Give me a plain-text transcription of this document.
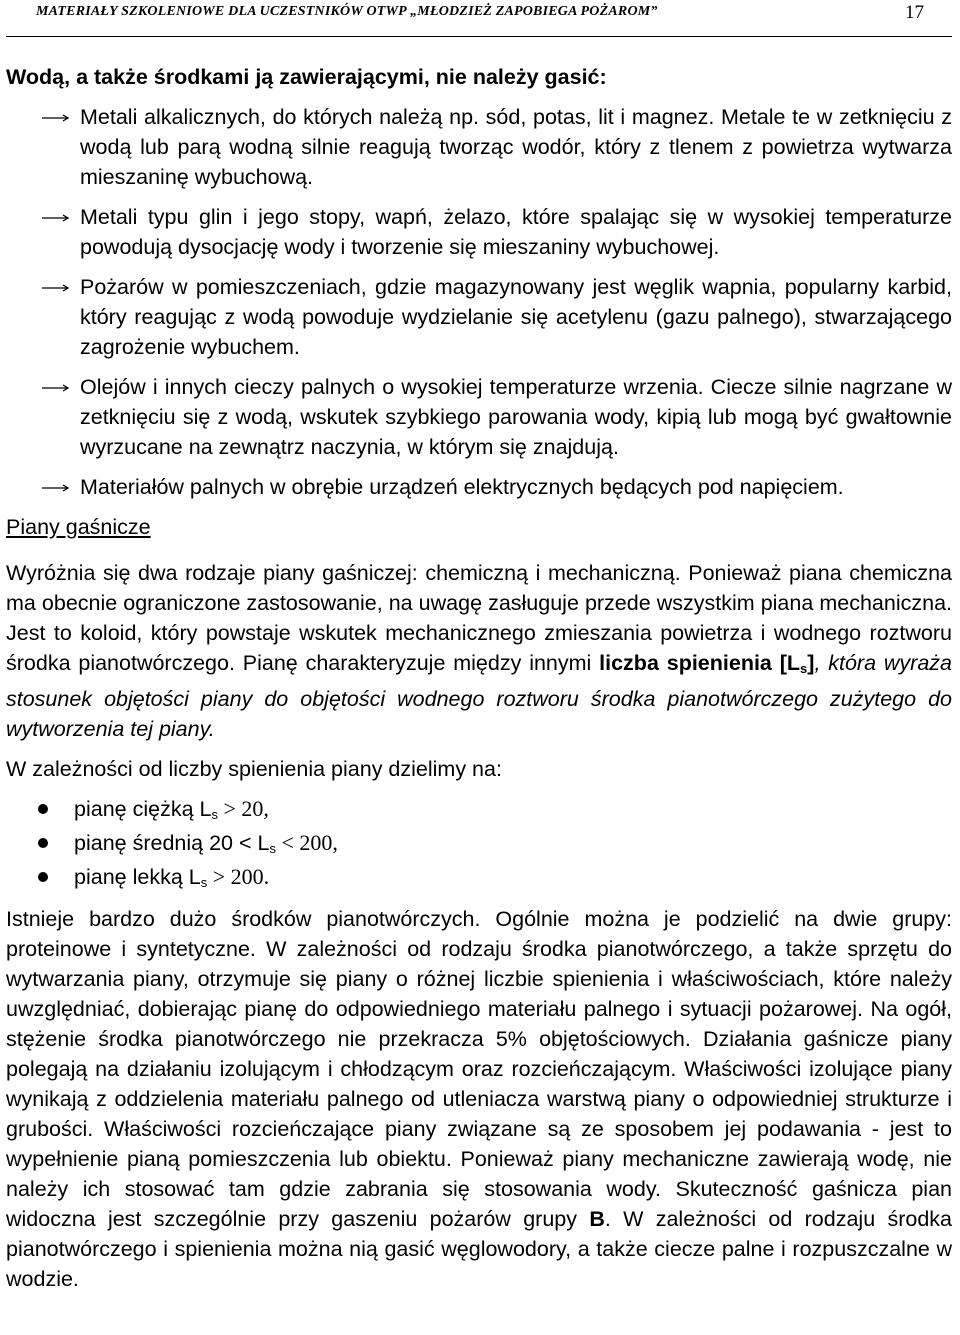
MATERIAŁY SZKOLENIOWE DLA UCZESTNIKÓW OTWP „MŁODZIEŻ ZAPOBIEGA POŻAROM”	17

Wodą, a także środkami ją zawierającymi, nie należy gasić:

Metali alkalicznych, do których należą np. sód, potas, lit i magnez. Metale te w zetknięciu z wodą lub parą wodną silnie reagują tworząc wodór, który z tlenem z powietrza wytwarza mieszaninę wybuchową.
Metali typu glin i jego stopy, wapń, żelazo, które spalając się w wysokiej temperaturze powodują dysocjację wody i tworzenie się mieszaniny wybuchowej.
Pożarów w pomieszczeniach, gdzie magazynowany jest węglik wapnia, popularny karbid, który reagując z wodą powoduje wydzielanie się acetylenu (gazu palnego), stwarzającego zagrożenie wybuchem.
Olejów i innych cieczy palnych o wysokiej temperaturze wrzenia. Ciecze silnie nagrzane w zetknięciu się z wodą, wskutek szybkiego parowania wody, kipią lub mogą być gwałtownie wyrzucane na zewnątrz naczynia, w którym się znajdują.
Materiałów palnych w obrębie urządzeń elektrycznych będących pod napięciem.

Piany gaśnicze

Wyróżnia się dwa rodzaje piany gaśniczej: chemiczną i mechaniczną. Ponieważ piana chemiczna ma obecnie ograniczone zastosowanie, na uwagę zasługuje przede wszystkim piana mechaniczna. Jest to koloid, który powstaje wskutek mechanicznego zmieszania powietrza i wodnego roztworu środka pianotwórczego. Pianę charakteryzuje między innymi liczba spienienia $[L_s]$, która wyraża stosunek objętości piany do objętości wodnego roztworu środka pianotwórczego zużytego do wytworzenia tej piany.

W zależności od liczby spienienia piany dzielimy na:

pianę ciężką $L_s > 20$,
pianę średnią $20 < L_s < 200$,
pianę lekką $L_s > 200$.

Istnieje bardzo dużo środków pianotwórczych. Ogólnie można je podzielić na dwie grupy: proteinowe i syntetyczne. W zależności od rodzaju środka pianotwórczego, a także sprzętu do wytwarzania piany, otrzymuje się piany o różnej liczbie spienienia i właściwościach, które należy uwzględniać, dobierając pianę do odpowiedniego materiału palnego i sytuacji pożarowej. Na ogół, stężenie środka pianotwórczego nie przekracza 5% objętościowych. Działania gaśnicze piany polegają na działaniu izolującym i chłodzącym oraz rozcieńczającym. Właściwości izolujące piany wynikają z oddzielenia materiału palnego od utleniacza warstwą piany o odpowiedniej strukturze i grubości. Właściwości rozcieńczające piany związane są ze sposobem jej podawania - jest to wypełnienie pianą pomieszczenia lub obiektu. Ponieważ piany mechaniczne zawierają wodę, nie należy ich stosować tam gdzie zabrania się stosowania wody. Skuteczność gaśnicza pian widoczna jest szczególnie przy gaszeniu pożarów grupy B. W zależności od rodzaju środka pianotwórczego i spienienia można nią gasić węglowodory, a także ciecze palne i rozpuszczalne w wodzie.
